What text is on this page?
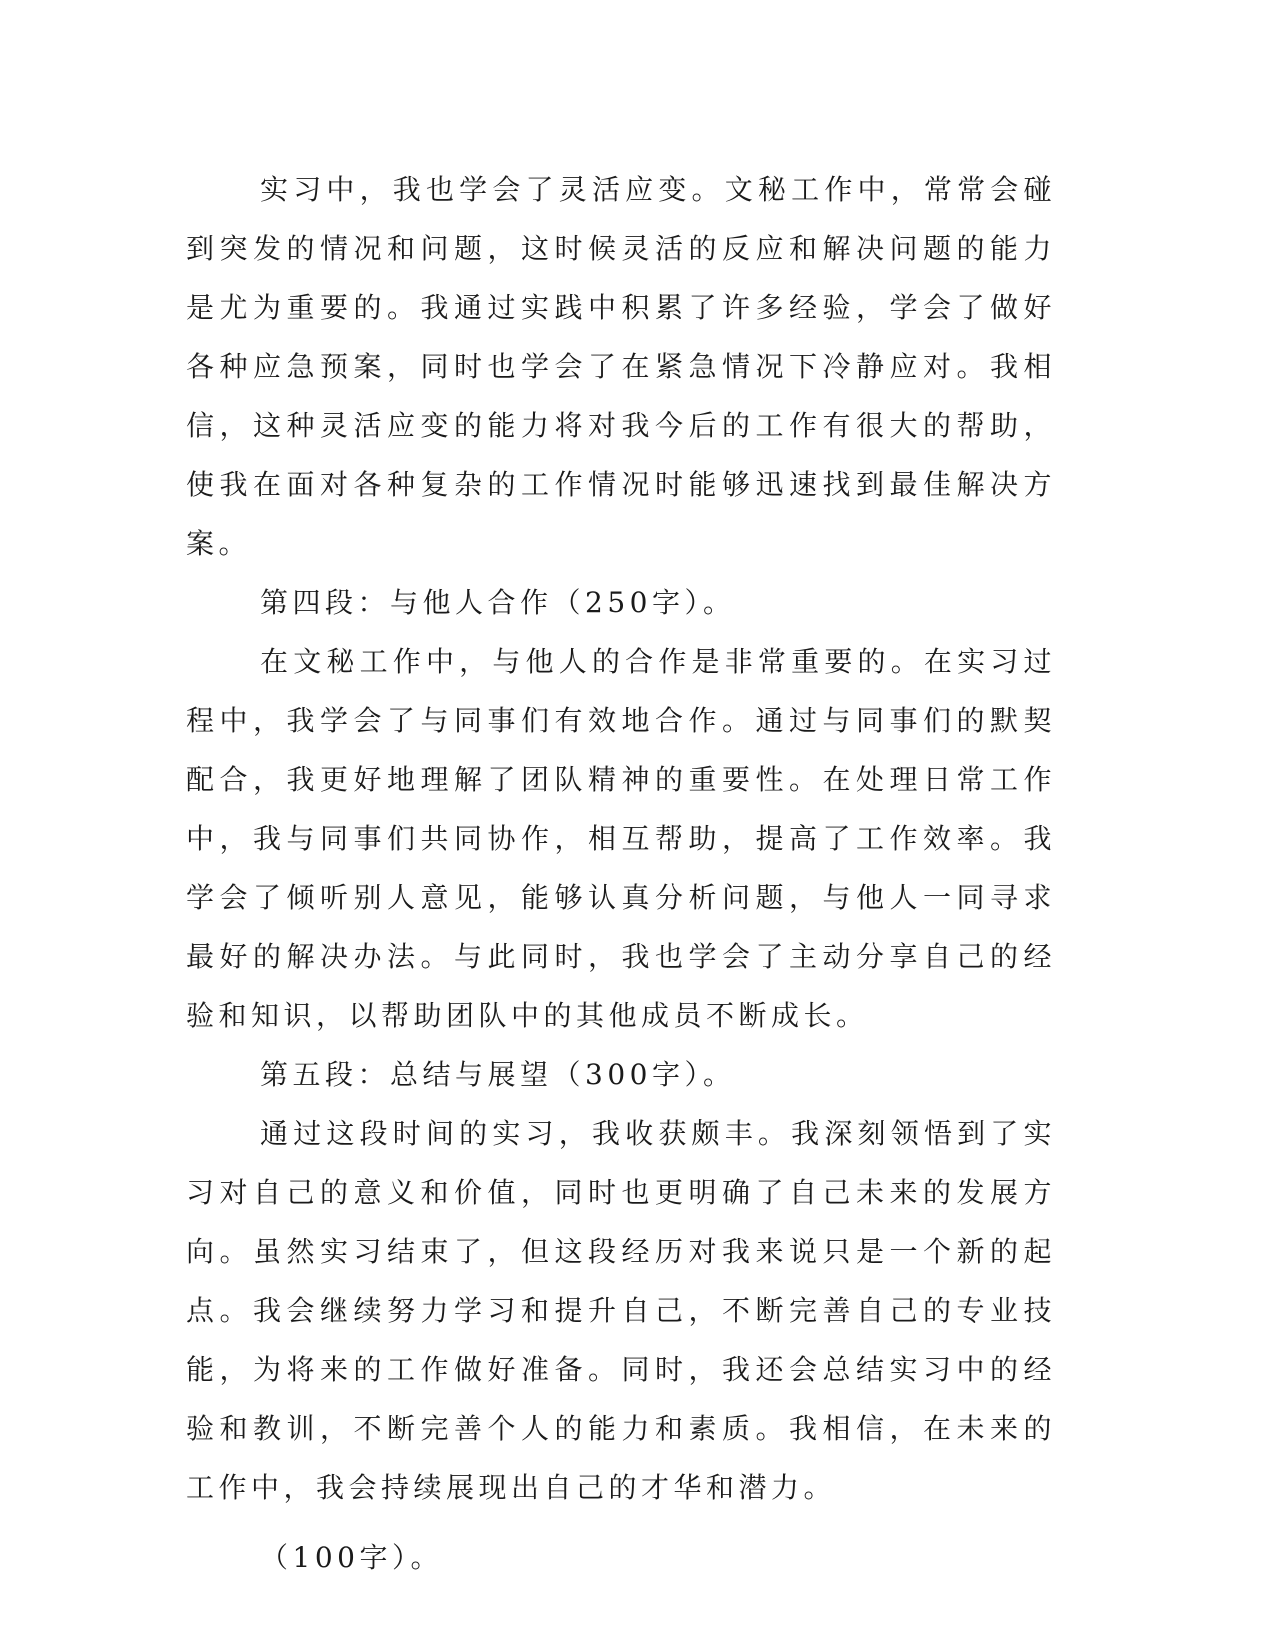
实习中，我也学会了灵活应变。文秘工作中，常常会碰到突发的情况和问题，这时候灵活的反应和解决问题的能力是尤为重要的。我通过实践中积累了许多经验，学会了做好各种应急预案，同时也学会了在紧急情况下冷静应对。我相信，这种灵活应变的能力将对我今后的工作有很大的帮助，使我在面对各种复杂的工作情况时能够迅速找到最佳解决方案。

第四段：与他人合作（250字）。

在文秘工作中，与他人的合作是非常重要的。在实习过程中，我学会了与同事们有效地合作。通过与同事们的默契配合，我更好地理解了团队精神的重要性。在处理日常工作中，我与同事们共同协作，相互帮助，提高了工作效率。我学会了倾听别人意见，能够认真分析问题，与他人一同寻求最好的解决办法。与此同时，我也学会了主动分享自己的经验和知识，以帮助团队中的其他成员不断成长。

第五段：总结与展望（300字）。

通过这段时间的实习，我收获颇丰。我深刻领悟到了实习对自己的意义和价值，同时也更明确了自己未来的发展方向。虽然实习结束了，但这段经历对我来说只是一个新的起点。我会继续努力学习和提升自己，不断完善自己的专业技能，为将来的工作做好准备。同时，我还会总结实习中的经验和教训，不断完善个人的能力和素质。我相信，在未来的工作中，我会持续展现出自己的才华和潜力。

（100字）。
